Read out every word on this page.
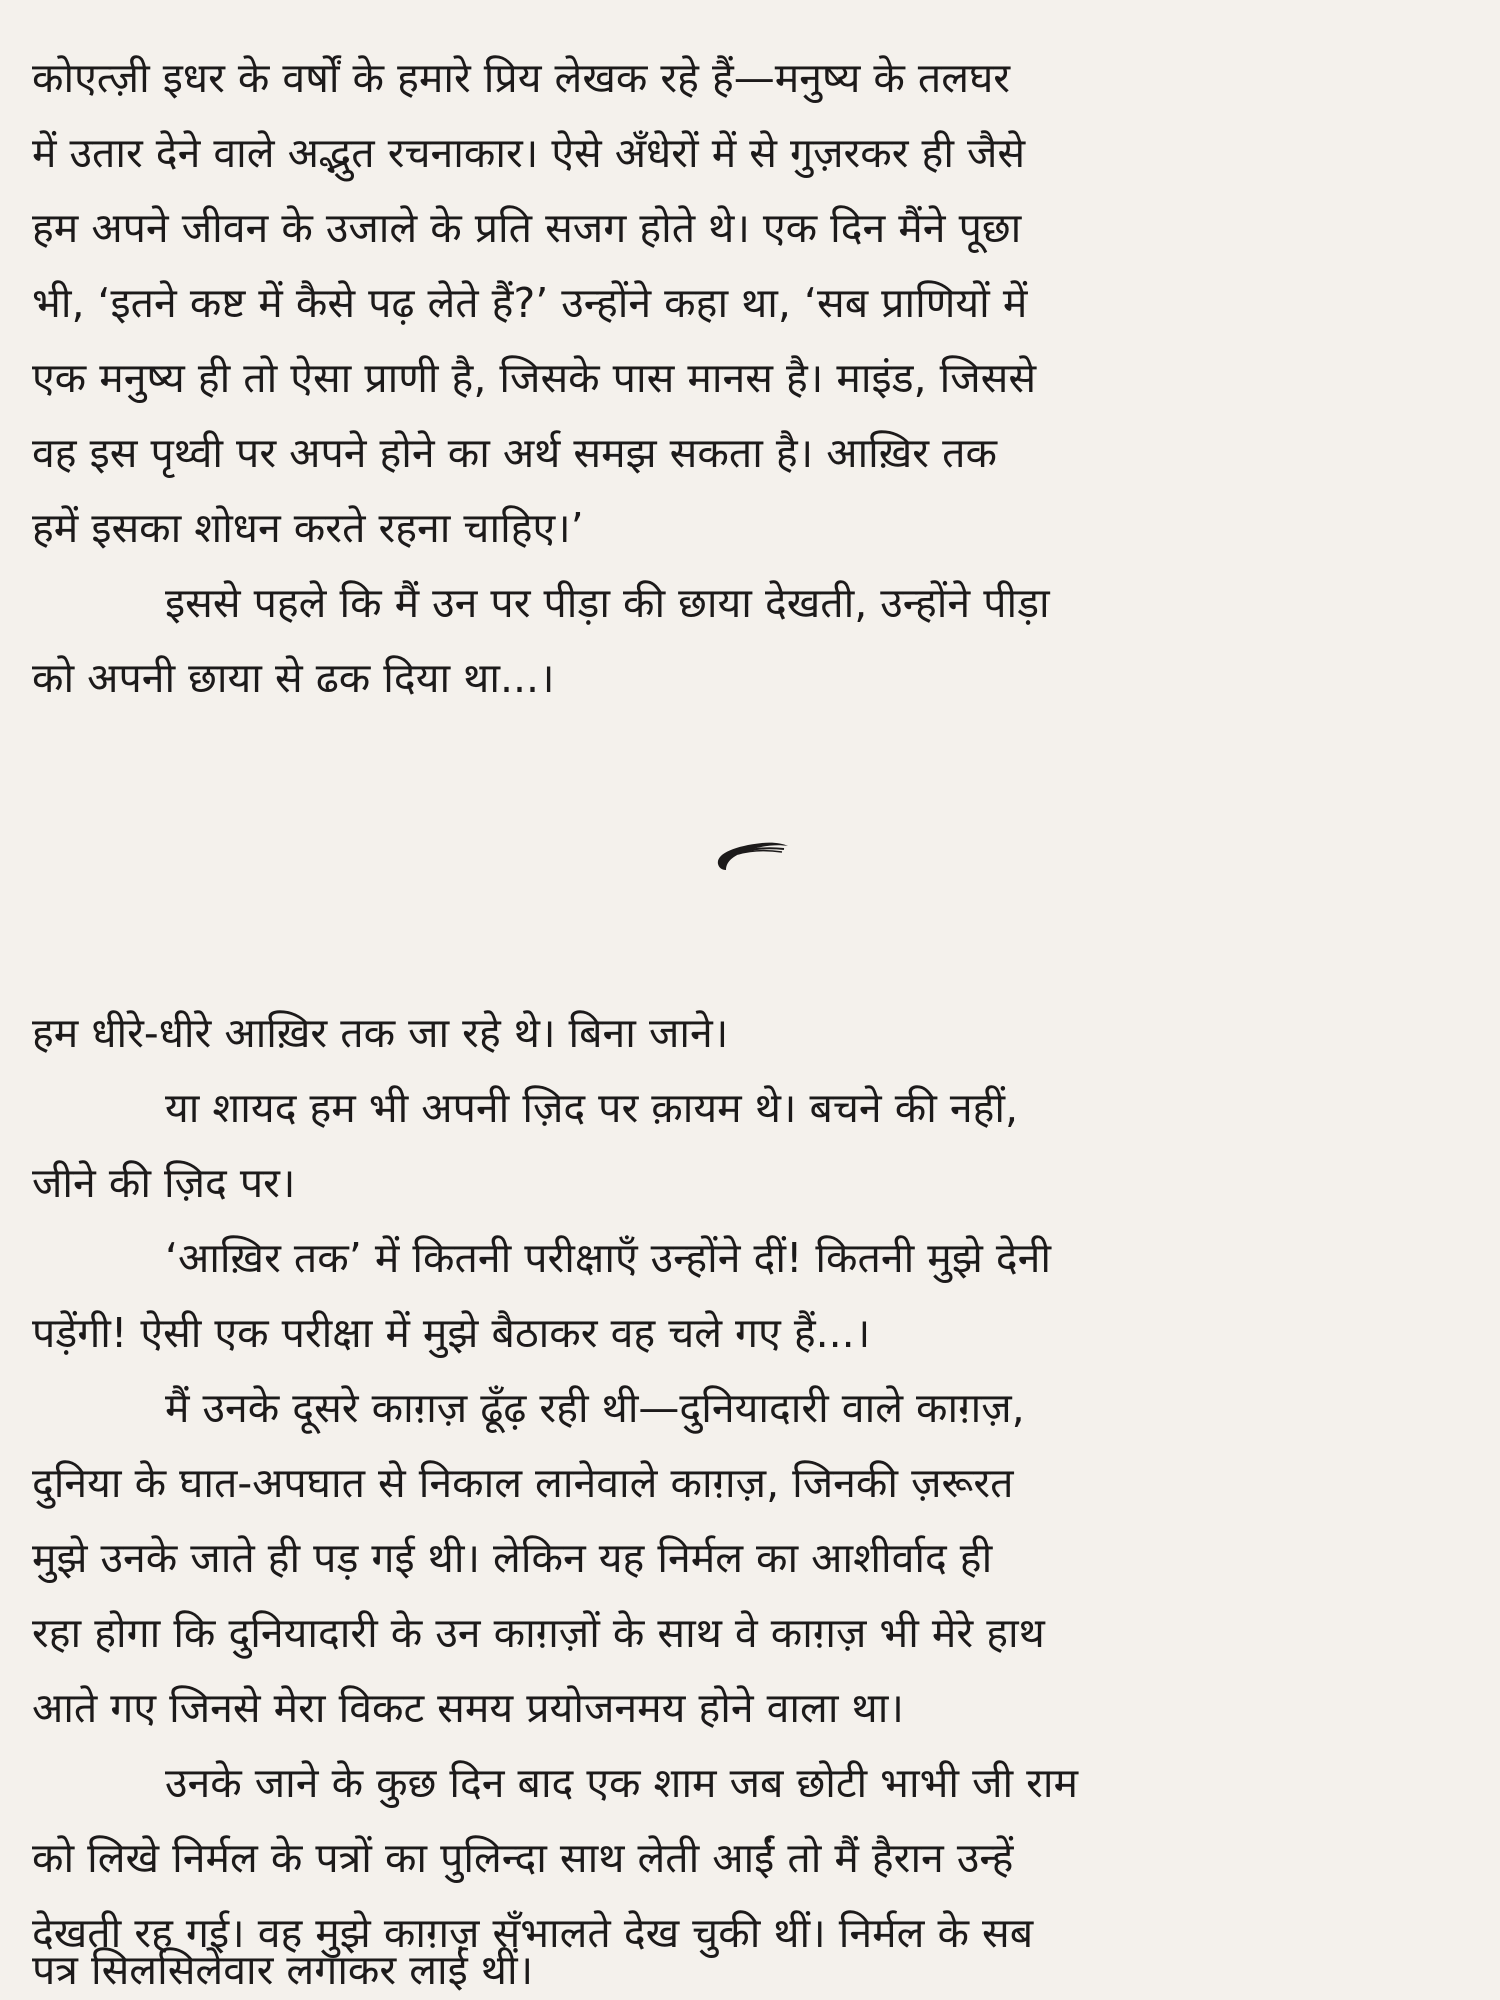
कोएत्ज़ी इधर के वर्षों के हमारे प्रिय लेखक रहे हैं—मनुष्य के तलघर
में उतार देने वाले अद्भुत रचनाकार। ऐसे अँधेरों में से गुज़रकर ही जैसे
हम अपने जीवन के उजाले के प्रति सजग होते थे। एक दिन मैंने पूछा
भी, ‘इतने कष्ट में कैसे पढ़ लेते हैं?’ उन्होंने कहा था, ‘सब प्राणियों में
एक मनुष्य ही तो ऐसा प्राणी है, जिसके पास मानस है। माइंड, जिससे
वह इस पृथ्वी पर अपने होने का अर्थ समझ सकता है। आख़िर तक
हमें इसका शोधन करते रहना चाहिए।’
इससे पहले कि मैं उन पर पीड़ा की छाया देखती, उन्होंने पीड़ा
को अपनी छाया से ढक दिया था...।
हम धीरे-धीरे आख़िर तक जा रहे थे। बिना जाने।
या शायद हम भी अपनी ज़िद पर क़ायम थे। बचने की नहीं,
जीने की ज़िद पर।
‘आख़िर तक’ में कितनी परीक्षाएँ उन्होंने दीं! कितनी मुझे देनी
पड़ेंगी! ऐसी एक परीक्षा में मुझे बैठाकर वह चले गए हैं...।
मैं उनके दूसरे काग़ज़ ढूँढ़ रही थी—दुनियादारी वाले काग़ज़,
दुनिया के घात-अपघात से निकाल लानेवाले काग़ज़, जिनकी ज़रूरत
मुझे उनके जाते ही पड़ गई थी। लेकिन यह निर्मल का आशीर्वाद ही
रहा होगा कि दुनियादारी के उन काग़ज़ों के साथ वे काग़ज़ भी मेरे हाथ
आते गए जिनसे मेरा विकट समय प्रयोजनमय होने वाला था।
उनके जाने के कुछ दिन बाद एक शाम जब छोटी भाभी जी राम
को लिखे निर्मल के पत्रों का पुलिन्दा साथ लेती आईं तो मैं हैरान उन्हें
देखती रह गई। वह मुझे काग़ज़ सँभालते देख चुकी थीं। निर्मल के सब
पत्र सिलसिलेवार लगाकर लाई थीं।
